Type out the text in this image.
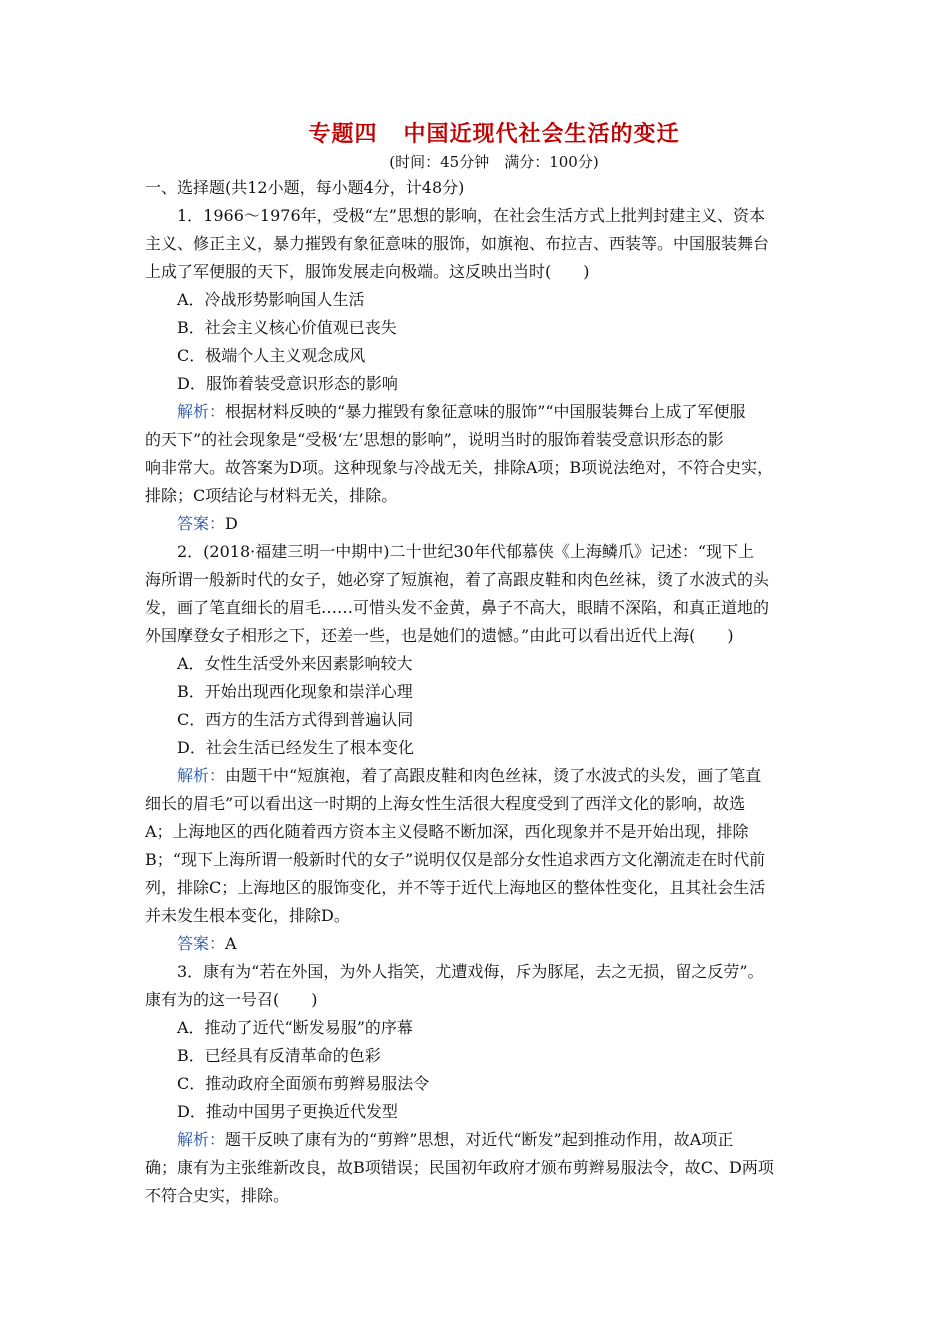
专题四 中国近现代社会生活的变迁
(时间：45分钟　满分：100分)
一、选择题(共12小题，每小题4分，计48分)
1．1966～1976年，受极“左”思想的影响，在社会生活方式上批判封建主义、资本
主义、修正主义，暴力摧毁有象征意味的服饰，如旗袍、布拉吉、西装等。中国服装舞台
上成了军便服的天下，服饰发展走向极端。这反映出当时(　　)
A．冷战形势影响国人生活
B．社会主义核心价值观已丧失
C．极端个人主义观念成风
D．服饰着装受意识形态的影响
解析：根据材料反映的“暴力摧毁有象征意味的服饰”“中国服装舞台上成了军便服
的天下”的社会现象是“受极‘左’思想的影响”，说明当时的服饰着装受意识形态的影
响非常大。故答案为D项。这种现象与冷战无关，排除A项；B项说法绝对，不符合史实，
排除；C项结论与材料无关，排除。
答案：D
2．(2018·福建三明一中期中)二十世纪30年代郁慕侠《上海鳞爪》记述：“现下上
海所谓一般新时代的女子，她必穿了短旗袍，着了高跟皮鞋和肉色丝袜，烫了水波式的头
发，画了笔直细长的眉毛……可惜头发不金黄，鼻子不高大，眼睛不深陷，和真正道地的
外国摩登女子相形之下，还差一些，也是她们的遗憾。”由此可以看出近代上海(　　)
A．女性生活受外来因素影响较大
B．开始出现西化现象和崇洋心理
C．西方的生活方式得到普遍认同
D．社会生活已经发生了根本变化
解析：由题干中“短旗袍，着了高跟皮鞋和肉色丝袜，烫了水波式的头发，画了笔直
细长的眉毛”可以看出这一时期的上海女性生活很大程度受到了西洋文化的影响，故选
A；上海地区的西化随着西方资本主义侵略不断加深，西化现象并不是开始出现，排除
B；“现下上海所谓一般新时代的女子”说明仅仅是部分女性追求西方文化潮流走在时代前
列，排除C；上海地区的服饰变化，并不等于近代上海地区的整体性变化，且其社会生活
并未发生根本变化，排除D。
答案：A
3．康有为“若在外国，为外人指笑，尤遭戏侮，斥为豚尾，去之无损，留之反劳”。
康有为的这一号召(　　)
A．推动了近代“断发易服”的序幕
B．已经具有反清革命的色彩
C．推动政府全面颁布剪辫易服法令
D．推动中国男子更换近代发型
解析：题干反映了康有为的“剪辫”思想，对近代“断发”起到推动作用，故A项正
确；康有为主张维新改良，故B项错误；民国初年政府才颁布剪辫易服法令，故C、D两项
不符合史实，排除。
